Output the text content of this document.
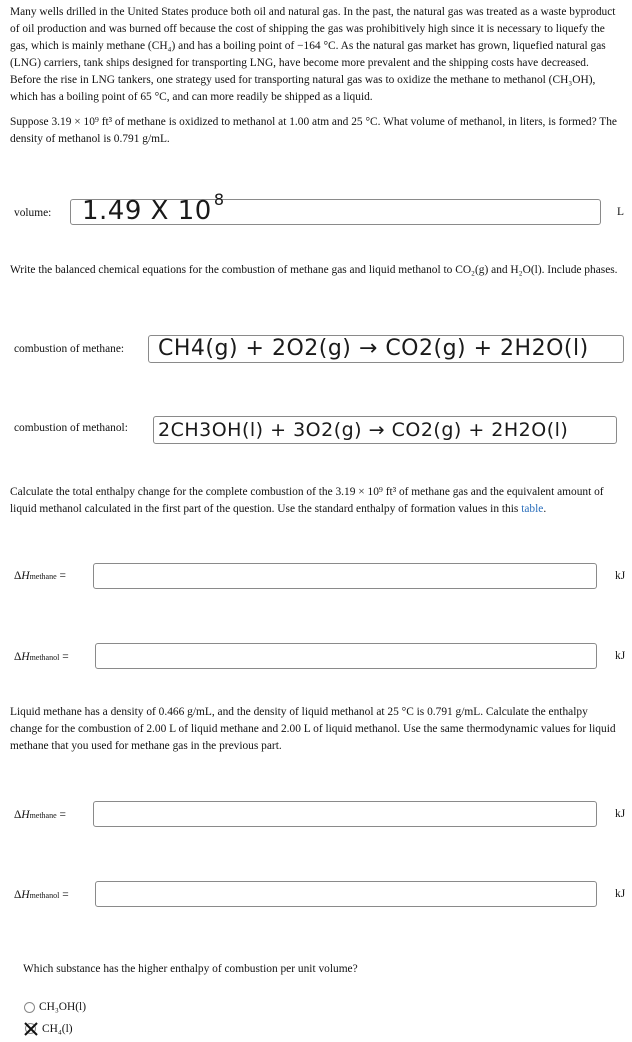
Many wells drilled in the United States produce both oil and natural gas. In the past, the natural gas was treated as a waste byproduct of oil production and was burned off because the cost of shipping the gas was prohibitively high since it is necessary to liquefy the gas, which is mainly methane (CH₄) and has a boiling point of −164 °C. As the natural gas market has grown, liquefied natural gas (LNG) carriers, tank ships designed for transporting LNG, have become more prevalent and the shipping costs have decreased. Before the rise in LNG tankers, one strategy used for transporting natural gas was to oxidize the methane to methanol (CH₃OH), which has a boiling point of 65 °C, and can more readily be shipped as a liquid.
Suppose 3.19 × 10⁹ ft³ of methane is oxidized to methanol at 1.00 atm and 25 °C. What volume of methanol, in liters, is formed? The density of methanol is 0.791 g/mL.
volume: 1.49 X 10 $^8$
L
Write the balanced chemical equations for the combustion of methane gas and liquid methanol to CO₂(g) and H₂O(l). Include phases.
combustion of methane: CH4(g) + 2O2(g) → CO2(g) + 2H2O(l)
combustion of methanol: 2CH3OH(l) + 3O2(g) → CO2(g) + 2H2O(l)
Calculate the total enthalpy change for the complete combustion of the 3.19 × 10⁹ ft³ of methane gas and the equivalent amount of liquid methanol calculated in the first part of the question. Use the standard enthalpy of formation values in this table.
ΔHmethane =	kJ
ΔHmethanol =	kJ
Liquid methane has a density of 0.466 g/mL, and the density of liquid methanol at 25 °C is 0.791 g/mL. Calculate the enthalpy change for the combustion of 2.00 L of liquid methane and 2.00 L of liquid methanol. Use the same thermodynamic values for liquid methane that you used for methane gas in the previous part.
ΔHmethane =	kJ
ΔHmethanol =	kJ
Which substance has the higher enthalpy of combustion per unit volume?
CH₃OH(l)
CH₄(l)
